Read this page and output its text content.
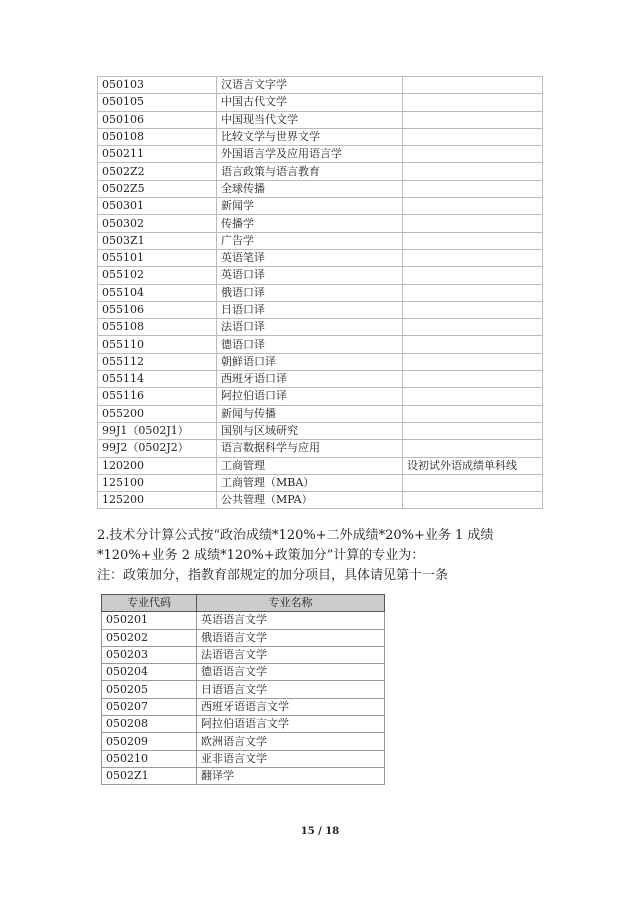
050103	汉语言文字学	
050105	中国古代文学	
050106	中国现当代文学	
050108	比较文学与世界文学	
050211	外国语言学及应用语言学	
0502Z2	语言政策与语言教育	
0502Z5	全球传播	
050301	新闻学	
050302	传播学	
0503Z1	广告学	
055101	英语笔译	
055102	英语口译	
055104	俄语口译	
055106	日语口译	
055108	法语口译	
055110	德语口译	
055112	朝鲜语口译	
055114	西班牙语口译	
055116	阿拉伯语口译	
055200	新闻与传播	
99J1（0502J1）	国别与区域研究	
99J2（0502J2）	语言数据科学与应用	
120200	工商管理	设初试外语成绩单科线
125100	工商管理（MBA）	
125200	公共管理（MPA）	
2.技术分计算公式按“政治成绩*120%+二外成绩*20%+业务 1 成绩*120%+业务 2 成绩*120%+政策加分”计算的专业为：
注：政策加分，指教育部规定的加分项目，具体请见第十一条
专业代码	专业名称
050201	英语语言文学
050202	俄语语言文学
050203	法语语言文学
050204	德语语言文学
050205	日语语言文学
050207	西班牙语语言文学
050208	阿拉伯语语言文学
050209	欧洲语言文学
050210	亚非语言文学
0502Z1	翻译学
15 / 18
